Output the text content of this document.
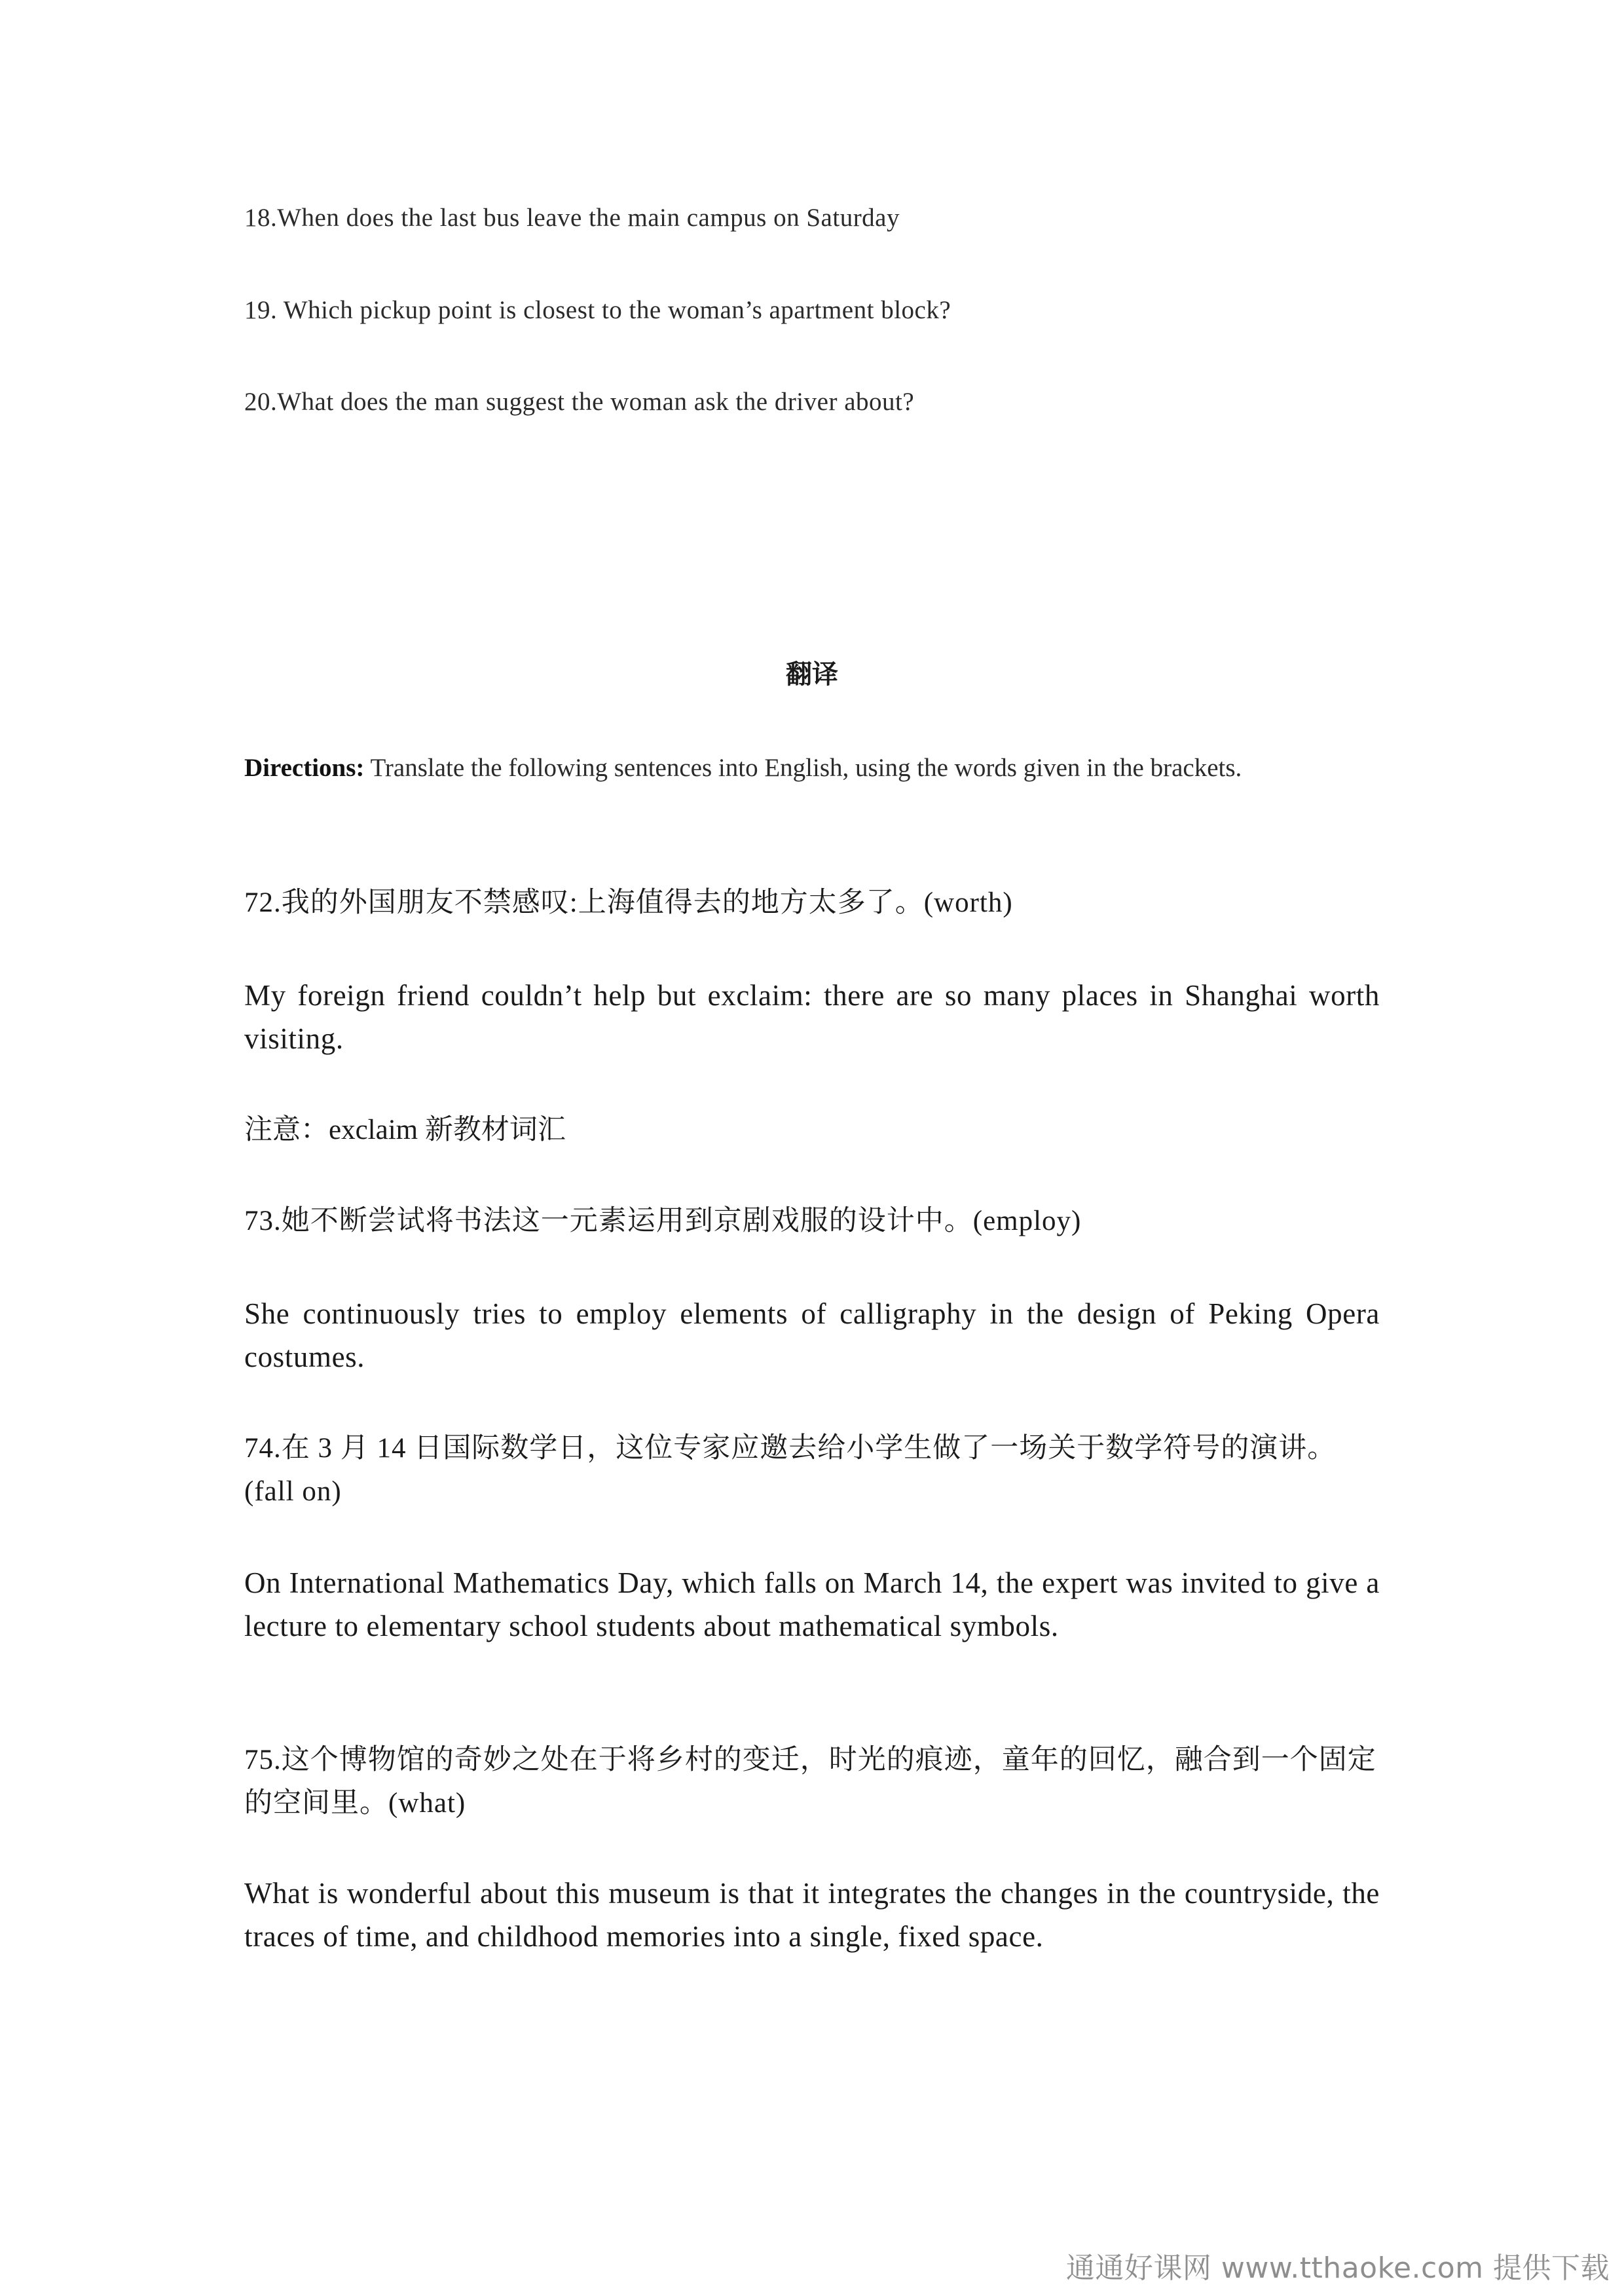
18.When does the last bus leave the main campus on Saturday
19. Which pickup point is closest to the woman’s apartment block?
20.What does the man suggest the woman ask the driver about?
翻译
Directions: Translate the following sentences into English, using the words given in the brackets.
72.我的外国朋友不禁感叹:上海值得去的地方太多了。(worth)
My foreign friend couldn’t help but exclaim: there are so many places in Shanghai worth visiting.
注意：exclaim 新教材词汇
73.她不断尝试将书法这一元素运用到京剧戏服的设计中。(employ)
She continuously tries to employ elements of calligraphy in the design of Peking Opera costumes.
74.在 3 月 14 日国际数学日，这位专家应邀去给小学生做了一场关于数学符号的演讲。(fall on)
On International Mathematics Day, which falls on March 14, the expert was invited to give a lecture to elementary school students about mathematical symbols.
75.这个博物馆的奇妙之处在于将乡村的变迁，时光的痕迹，童年的回忆，融合到一个固定的空间里。(what)
What is wonderful about this museum is that it integrates the changes in the countryside, the traces of time, and childhood memories into a single, fixed space.
通通好课网 www.tthaoke.com 提供下载
